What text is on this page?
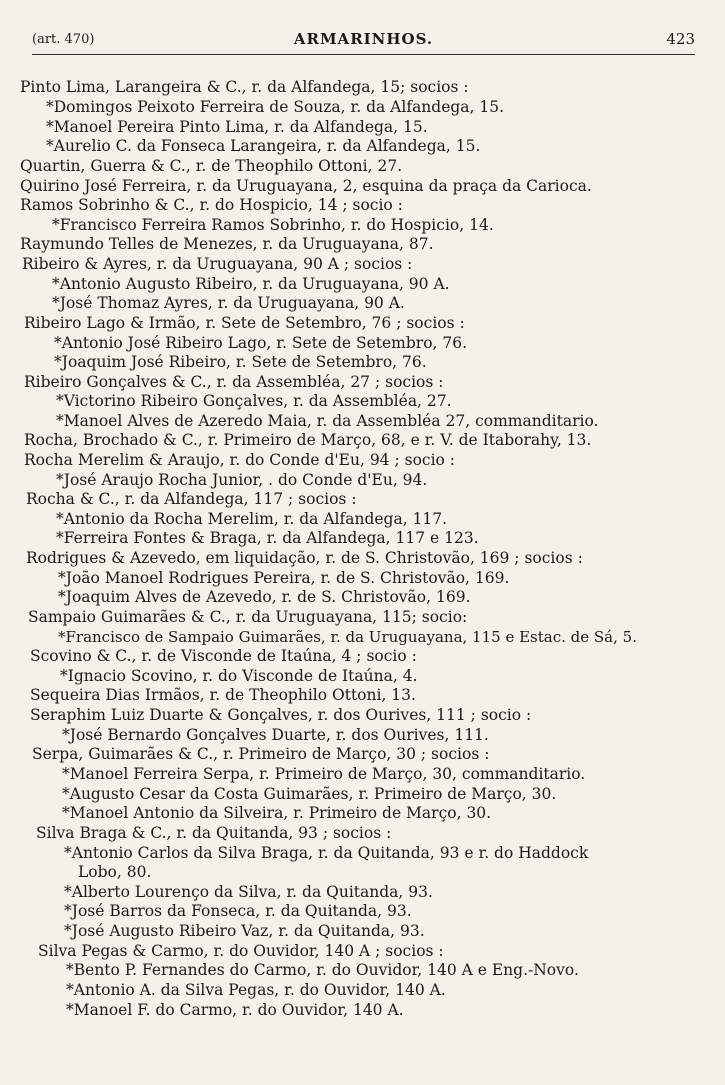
(art. 470)	ARMARINHOS.	423
Pinto Lima, Larangeira & C., r. da Alfandega, 15; socios :
*Domingos Peixoto Ferreira de Souza, r. da Alfandega, 15.
*Manoel Pereira Pinto Lima, r. da Alfandega, 15.
*Aurelio C. da Fonseca Larangeira, r. da Alfandega, 15.
Quartin, Guerra & C., r. de Theophilo Ottoni, 27.
Quirino José Ferreira, r. da Uruguayana, 2, esquina da praça da Carioca.
Ramos Sobrinho & C., r. do Hospicio, 14 ; socio :
*Francisco Ferreira Ramos Sobrinho, r. do Hospicio, 14.
Raymundo Telles de Menezes, r. da Uruguayana, 87.
Ribeiro & Ayres, r. da Uruguayana, 90 A ; socios :
*Antonio Augusto Ribeiro, r. da Uruguayana, 90 A.
*José Thomaz Ayres, r. da Uruguayana, 90 A.
Ribeiro Lago & Irmão, r. Sete de Setembro, 76 ; socios :
*Antonio José Ribeiro Lago, r. Sete de Setembro, 76.
*Joaquim José Ribeiro, r. Sete de Setembro, 76.
Ribeiro Gonçalves & C., r. da Assembléa, 27 ; socios :
*Victorino Ribeiro Gonçalves, r. da Assembléa, 27.
*Manoel Alves de Azeredo Maia, r. da Assembléa 27, commanditario.
Rocha, Brochado & C., r. Primeiro de Março, 68, e r. V. de Itaborahy, 13.
Rocha Merelim & Araujo, r. do Conde d'Eu, 94 ; socio :
*José Araujo Rocha Junior, . do Conde d'Eu, 94.
Rocha & C., r. da Alfandega, 117 ; socios :
*Antonio da Rocha Merelim, r. da Alfandega, 117.
*Ferreira Fontes & Braga, r. da Alfandega, 117 e 123.
Rodrigues & Azevedo, em liquidação, r. de S. Christovão, 169 ; socios :
*João Manoel Rodrigues Pereira, r. de S. Christovão, 169.
*Joaquim Alves de Azevedo, r. de S. Christovão, 169.
Sampaio Guimarães & C., r. da Uruguayana, 115; socio:
*Francisco de Sampaio Guimarães, r. da Uruguayana, 115 e Estac. de Sá, 5.
Scovino & C., r. de Visconde de Itaúna, 4 ; socio :
*Ignacio Scovino, r. do Visconde de Itaúna, 4.
Sequeira Dias Irmãos, r. de Theophilo Ottoni, 13.
Seraphim Luiz Duarte & Gonçalves, r. dos Ourives, 111 ; socio :
*José Bernardo Gonçalves Duarte, r. dos Ourives, 111.
Serpa, Guimarães & C., r. Primeiro de Março, 30 ; socios :
*Manoel Ferreira Serpa, r. Primeiro de Março, 30, commanditario.
*Augusto Cesar da Costa Guimarães, r. Primeiro de Março, 30.
*Manoel Antonio da Silveira, r. Primeiro de Março, 30.
Silva Braga & C., r. da Quitanda, 93 ; socios :
*Antonio Carlos da Silva Braga, r. da Quitanda, 93 e r. do Haddock
Lobo, 80.
*Alberto Lourenço da Silva, r. da Quitanda, 93.
*José Barros da Fonseca, r. da Quitanda, 93.
*José Augusto Ribeiro Vaz, r. da Quitanda, 93.
Silva Pegas & Carmo, r. do Ouvidor, 140 A ; socios :
*Bento P. Fernandes do Carmo, r. do Ouvidor, 140 A e Eng.-Novo.
*Antonio A. da Silva Pegas, r. do Ouvidor, 140 A.
*Manoel F. do Carmo, r. do Ouvidor, 140 A.
